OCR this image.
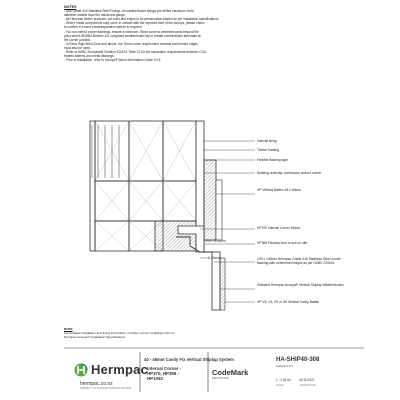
NOTES
- Use Grade 316 Stainless Steel Fixings. All weatherboard fixings pre-drilled maximum 1mm
diameter smaller than the nail/screw gauge.
- All Hermpac timber products, cut ends and edges to be preservative treated as per installation specifications.
- Where metal components may come in contact with the exposed face of the Accoya, please check
to confirm if a bond break/separation barrier is required.
- For non-mitred corner flashings, ensure a minimum 75mm cover to weatherboards beyond the
point where BRANZ Bulletin 411 compliant weatherboard lap or rebate combinations terminate at
the corner junction.
- In Extra High Wind Zone and above, the 75mm cover requirement remains and formed edges
must also be used.
- Refer to NZBC Acceptable Solution E2/AS1 Table 21 for the separation requirements between CCA
treated battens and metal flashings.
- Prior to installation, refer to Accoya® Wood Information Guide V3.6
Internal lining
Timber framing
Flexible flashing tape
Building underlay, continuous around corner
HP Vertical Batten 48 x 40mm
HP370 Internal Corner Mould
HP308 Flexstep trim to suit on site
140 x 140mm Hermpac Grade 316 Stainless Steel corner flashing with unhemmed edges as per NZBC E2/AS1
Selected Hermpac Accoya® Vertical Shiplap Weatherboard
HP V3, V4, V5 or V6 Vertical Cavity Batten
6-12mm
6-12mm
NOTE
For detailed installation and fixing information of timber corner mouldings refer to
Hermpac Accoya® Installation Specifications
Hermpac
hermpac.co.nz
SUBJECT TO CHANGE WITHOUT NOTICE
40 - 45mm Cavity Fix Vertical Shiplap System
Internal Corner -
HP370, HP399 -
HP1053
CodeMark
CERTIFICATE
HA-SHIP40-308
DRAWING NO.
1 : 2 @ A4	01/11/2021
SCALE	ISSUED DATE
